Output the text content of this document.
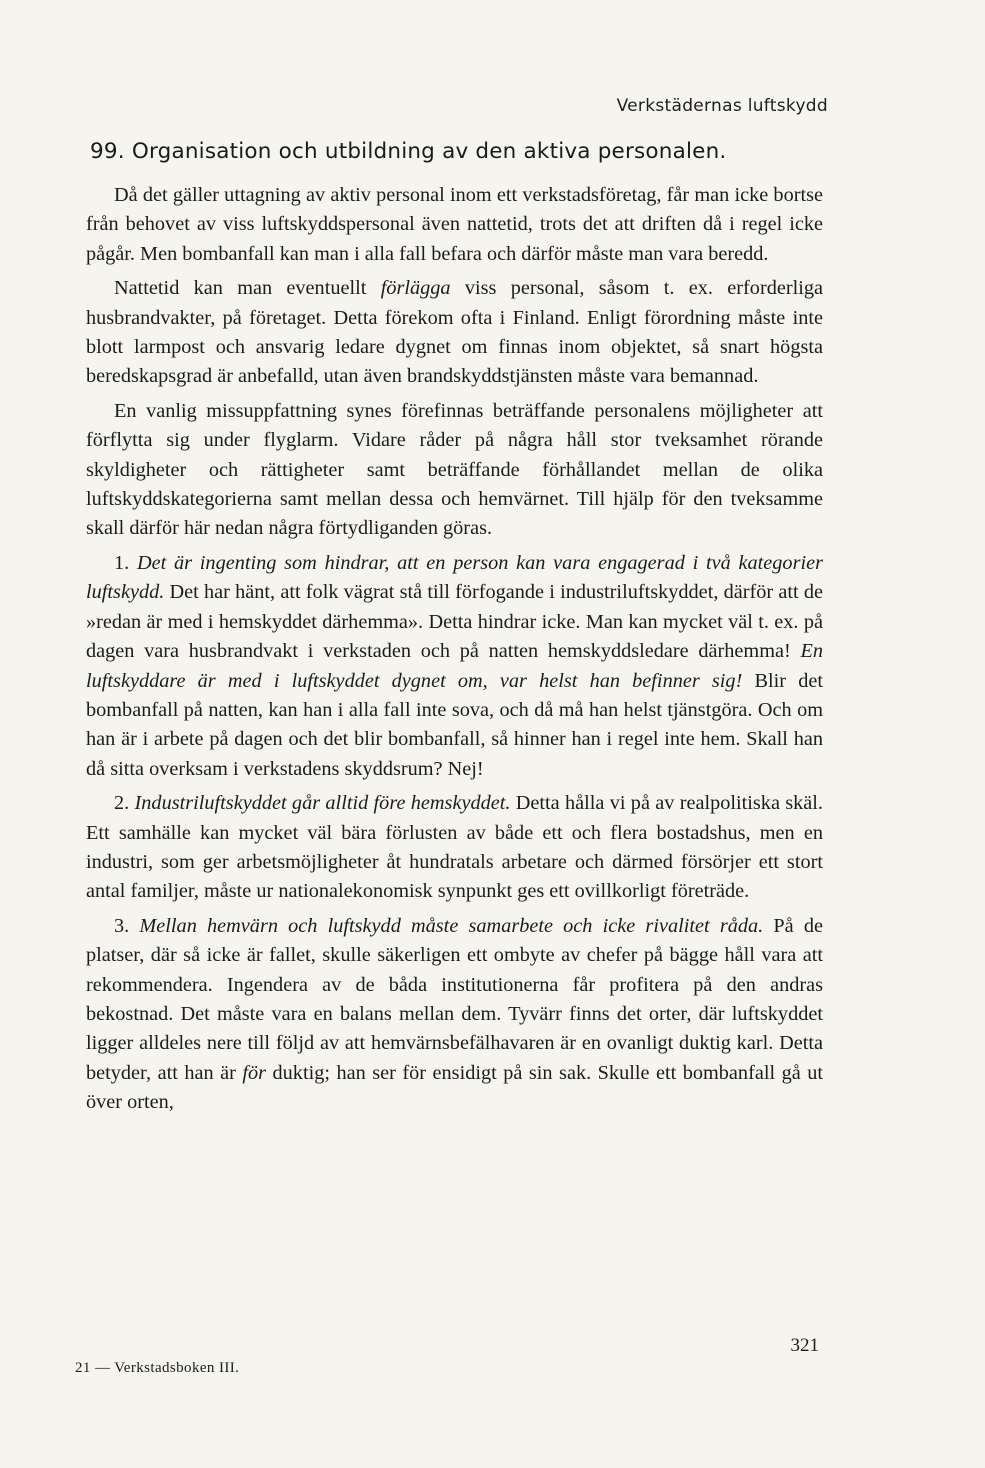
Verkstädernas luftskydd
99. Organisation och utbildning av den aktiva personalen.

Då det gäller uttagning av aktiv personal inom ett verkstadsföretag, får man icke bortse från behovet av viss luftskyddspersonal även nattetid, trots det att driften då i regel icke pågår. Men bombanfall kan man i alla fall befara och därför måste man vara beredd.

Nattetid kan man eventuellt förlägga viss personal, såsom t. ex. erforderliga husbrandvakter, på företaget. Detta förekom ofta i Finland. Enligt förordning måste inte blott larmpost och ansvarig ledare dygnet om finnas inom objektet, så snart högsta beredskapsgrad är anbefalld, utan även brandskyddstjänsten måste vara bemannad.

En vanlig missuppfattning synes förefinnas beträffande personalens möjligheter att förflytta sig under flyglarm. Vidare råder på några håll stor tveksamhet rörande skyldigheter och rättigheter samt beträffande förhållandet mellan de olika luftskyddskategorierna samt mellan dessa och hemvärnet. Till hjälp för den tveksamme skall därför här nedan några förtydliganden göras.

1. Det är ingenting som hindrar, att en person kan vara engagerad i två kategorier luftskydd. Det har hänt, att folk vägrat stå till förfogande i industriluftskyddet, därför att de »redan är med i hemskyddet därhemma». Detta hindrar icke. Man kan mycket väl t. ex. på dagen vara husbrandvakt i verkstaden och på natten hemskyddsledare därhemma! En luftskyddare är med i luftskyddet dygnet om, var helst han befinner sig! Blir det bombanfall på natten, kan han i alla fall inte sova, och då må han helst tjänstgöra. Och om han är i arbete på dagen och det blir bombanfall, så hinner han i regel inte hem. Skall han då sitta overksam i verkstadens skyddsrum? Nej!

2. Industriluftskyddet går alltid före hemskyddet. Detta hålla vi på av realpolitiska skäl. Ett samhälle kan mycket väl bära förlusten av både ett och flera bostadshus, men en industri, som ger arbetsmöjligheter åt hundratals arbetare och därmed försörjer ett stort antal familjer, måste ur nationalekonomisk synpunkt ges ett ovillkorligt företräde.

3. Mellan hemvärn och luftskydd måste samarbete och icke rivalitet råda. På de platser, där så icke är fallet, skulle säkerligen ett ombyte av chefer på bägge håll vara att rekommendera. Ingendera av de båda institutionerna får profitera på den andras bekostnad. Det måste vara en balans mellan dem. Tyvärr finns det orter, där luftskyddet ligger alldeles nere till följd av att hemvärnsbefälhavaren är en ovanligt duktig karl. Detta betyder, att han är för duktig; han ser för ensidigt på sin sak. Skulle ett bombanfall gå ut över orten,

321
21 — Verkstadsboken III.
